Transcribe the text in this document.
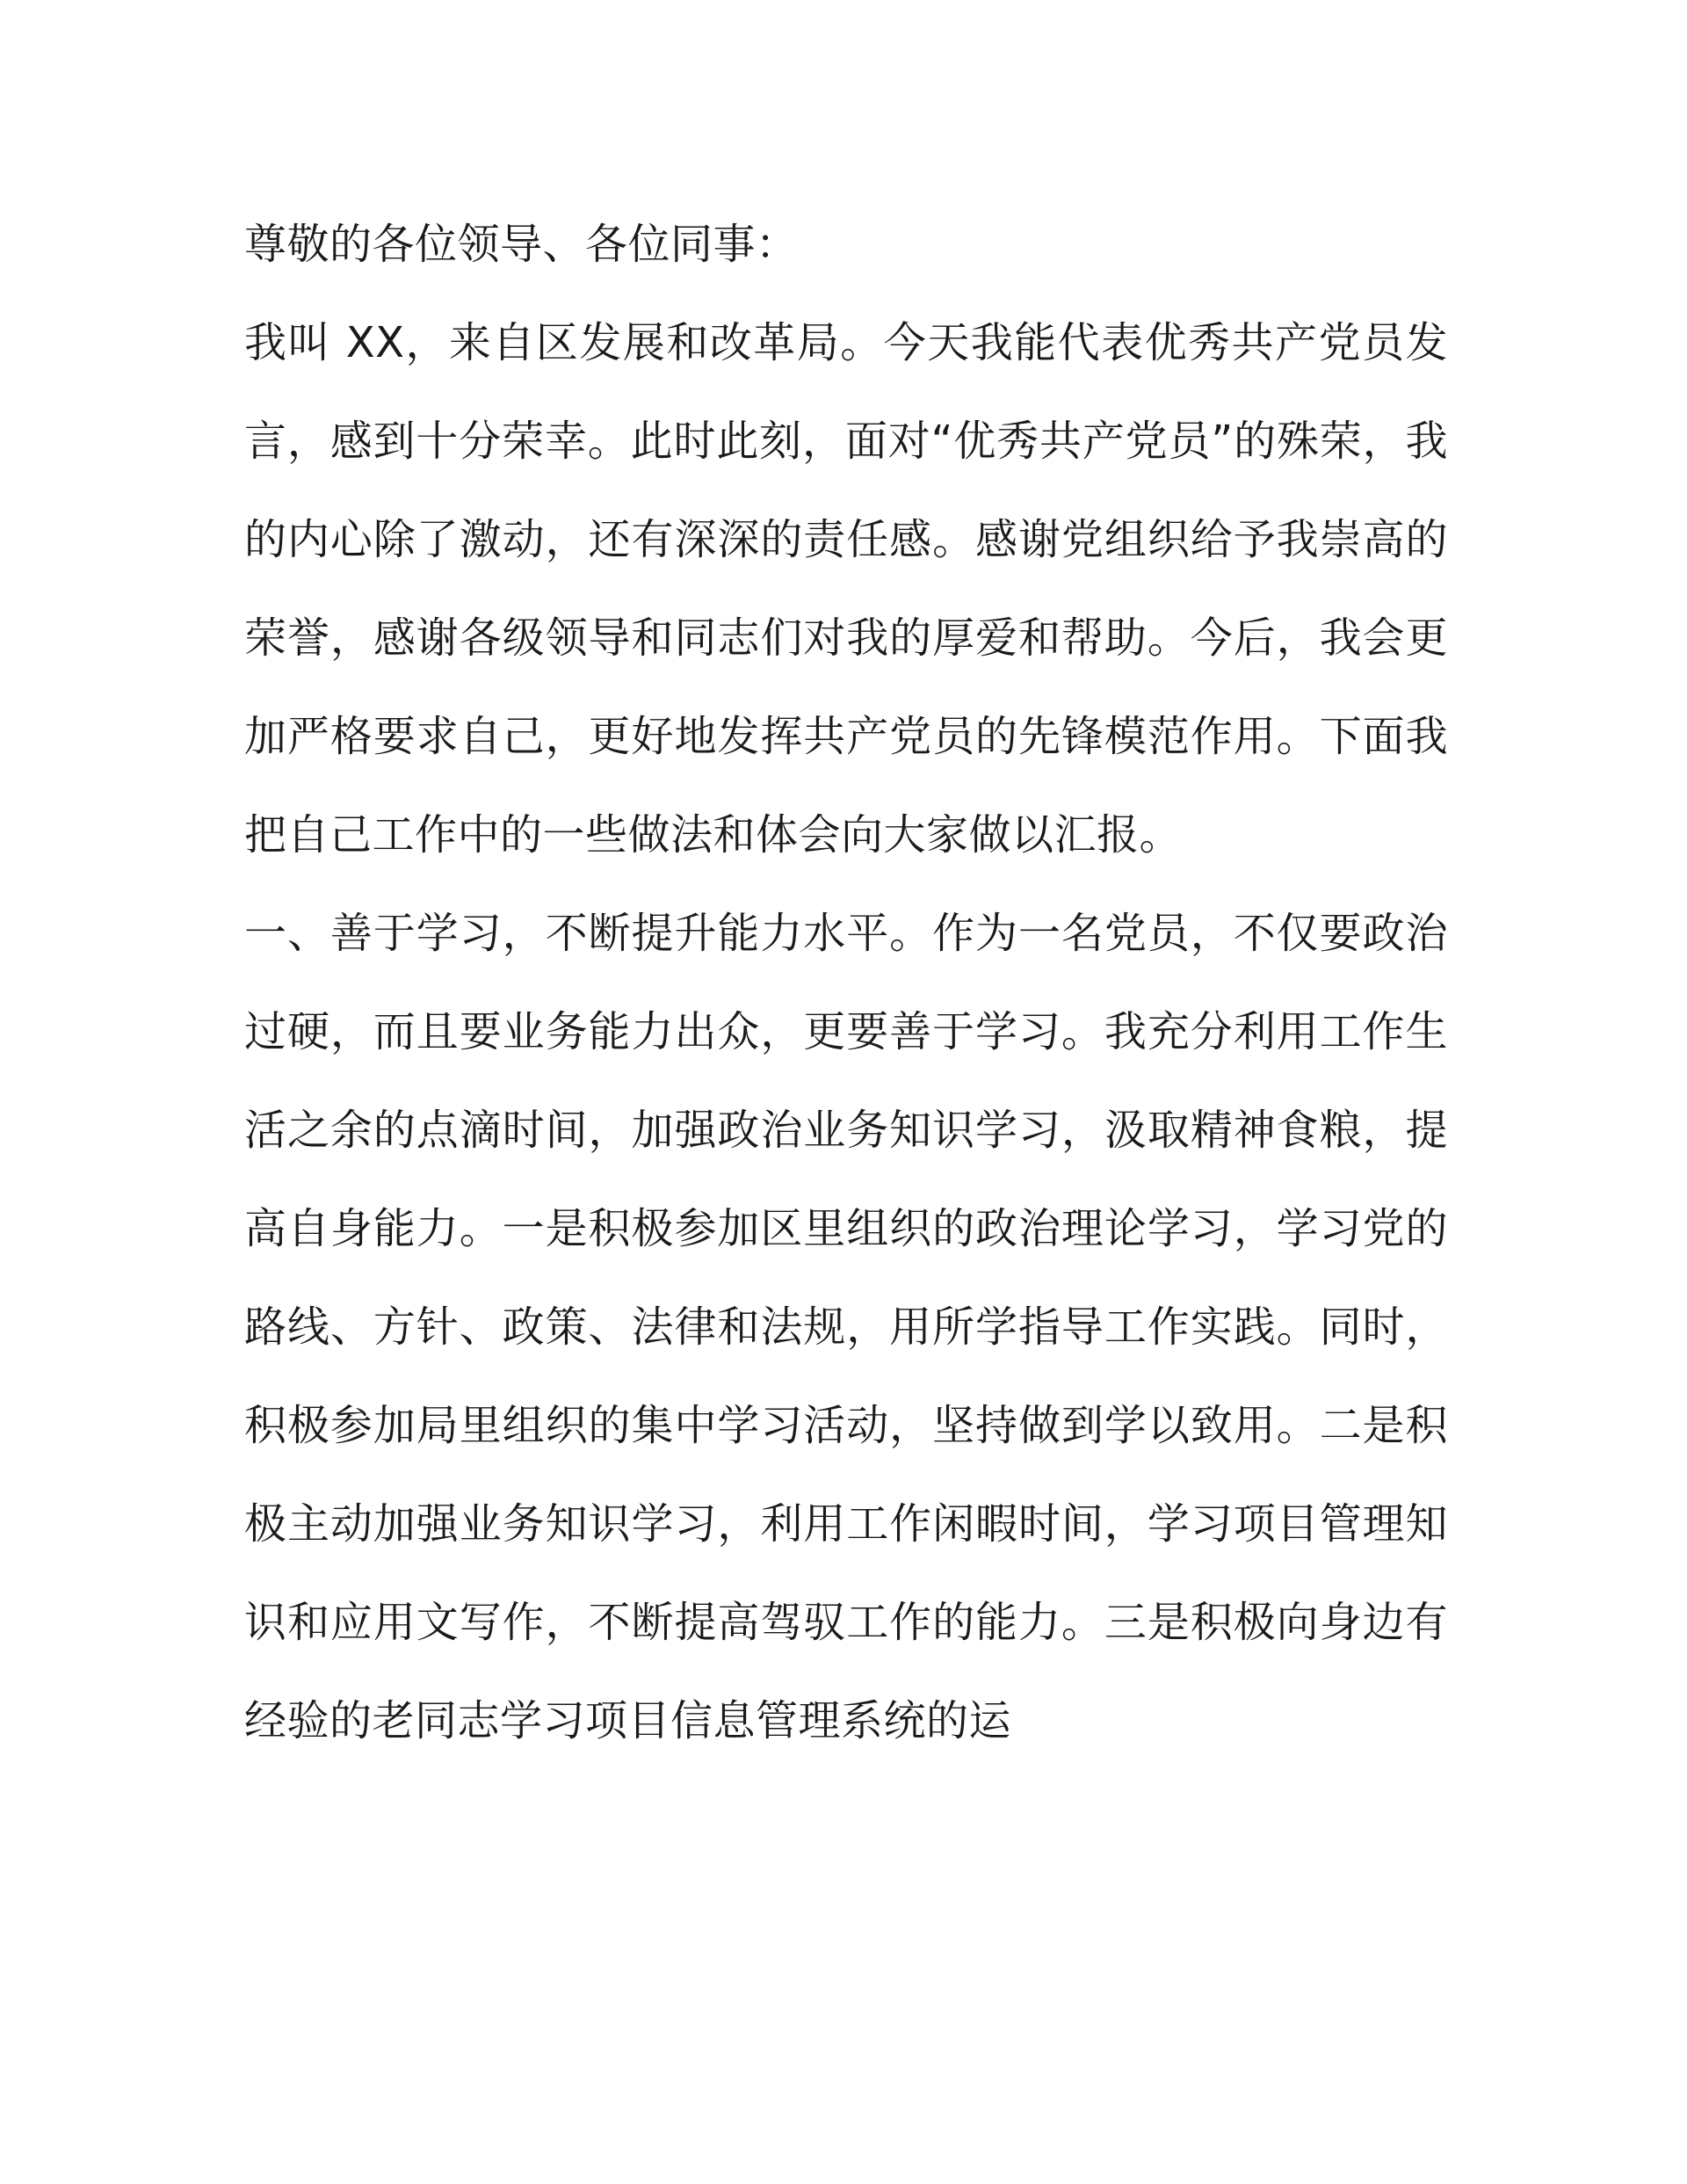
尊敬的各位领导、各位同事：

我叫 XX，来自区发展和改革局。今天我能代表优秀共产党员发言，感到十分荣幸。此时此刻，面对“优秀共产党员”的殊荣，我的内心除了激动，还有深深的责任感。感谢党组织给予我崇高的荣誉，感谢各级领导和同志们对我的厚爱和帮助。今后，我会更加严格要求自己，更好地发挥共产党员的先锋模范作用。下面我把自己工作中的一些做法和体会向大家做以汇报。

一、善于学习，不断提升能力水平。作为一名党员，不仅要政治过硬，而且要业务能力出众，更要善于学习。我充分利用工作生活之余的点滴时间，加强政治业务知识学习，汲取精神食粮，提高自身能力。一是积极参加区里组织的政治理论学习，学习党的路线、方针、政策、法律和法规，用所学指导工作实践。同时，积极参加局里组织的集中学习活动，坚持做到学以致用。二是积极主动加强业务知识学习，利用工作闲暇时间，学习项目管理知识和应用文写作，不断提高驾驭工作的能力。三是积极向身边有经验的老同志学习项目信息管理系统的运
